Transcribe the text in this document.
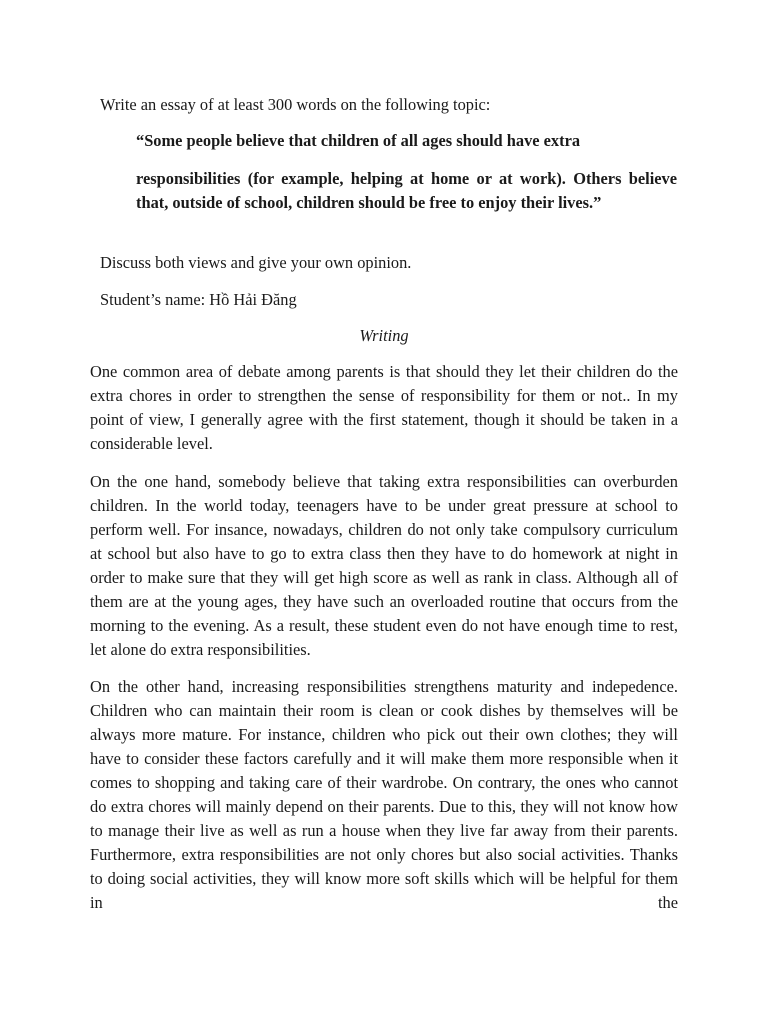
Write an essay of at least 300 words on the following topic:
“Some people believe that children of all ages should have extra
responsibilities (for example, helping at home or at work). Others believe that, outside of school, children should be free to enjoy their lives.”
Discuss both views and give your own opinion.
Student’s name: Hồ Hải Đăng
Writing

One common area of debate among parents is that should they let their children do the extra chores in order to strengthen the sense of responsibility for them or not.. In my point of view, I generally agree with the first statement, though it should be taken in a considerable level.

On the one hand, somebody believe that taking extra responsibilities can overburden children. In the world today, teenagers have to be under great pressure at school to perform well. For insance, nowadays, children do not only take compulsory curriculum at school but also have to go to extra class then they have to do homework at night in order to make sure that they will get high score as well as rank in class. Although all of them are at the young ages, they have such an overloaded routine that occurs from the morning to the evening. As a result, these student even do not have enough time to rest, let alone do extra responsibilities.

On the other hand, increasing responsibilities strengthens maturity and indepedence. Children who can maintain their room is clean or cook dishes by themselves will be always more mature. For instance, children who pick out their own clothes; they will have to consider these factors carefully and it will make them more responsible when it comes to shopping and taking care of their wardrobe. On contrary, the ones who cannot do extra chores will mainly depend on their parents. Due to this, they will not know how to manage their live as well as run a house when they live far away from their parents. Furthermore, extra responsibilities are not only chores but also social activities. Thanks to doing social activities, they will know more soft skills which will be helpful for them in the
